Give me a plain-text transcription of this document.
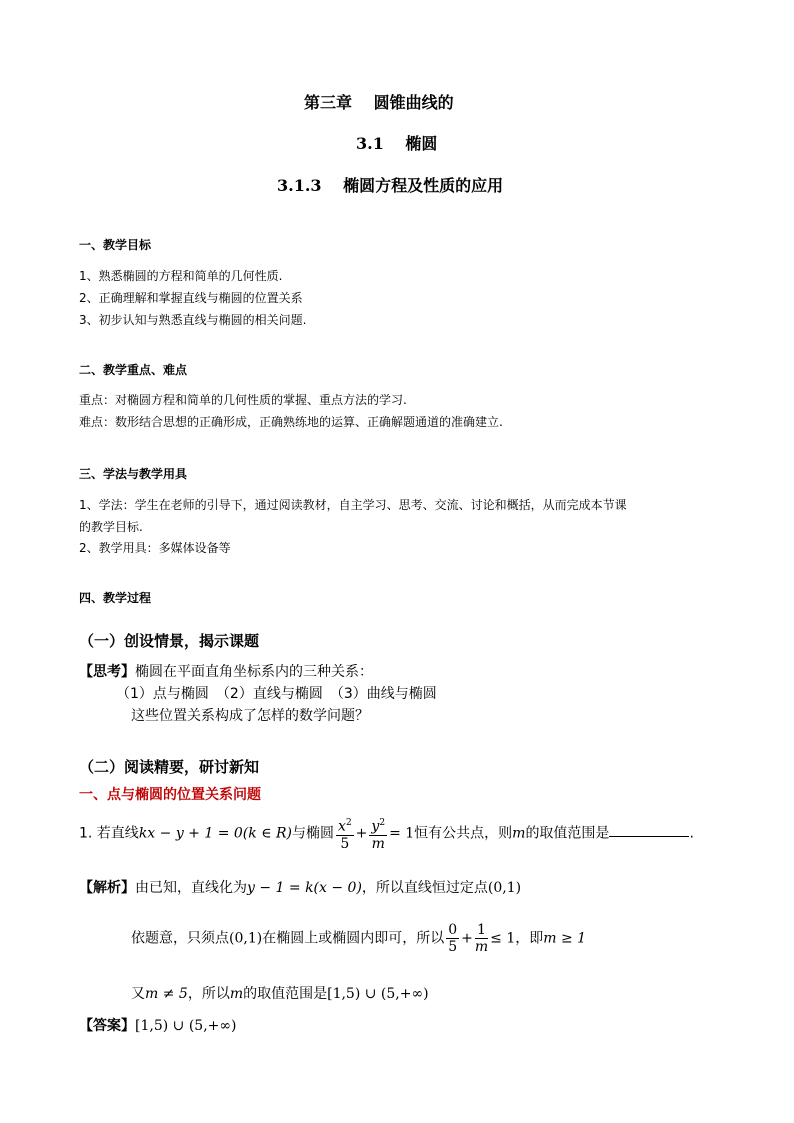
第三章　 圆锥曲线的
3.1　 椭圆
3.1.3　 椭圆方程及性质的应用
一、教学目标
1、熟悉椭圆的方程和简单的几何性质.
2、正确理解和掌握直线与椭圆的位置关系
3、初步认知与熟悉直线与椭圆的相关问题.
二、教学重点、难点
重点：对椭圆方程和简单的几何性质的掌握、重点方法的学习.
难点：数形结合思想的正确形成，正确熟练地的运算、正确解题通道的准确建立.
三、学法与教学用具
1、学法：学生在老师的引导下，通过阅读教材，自主学习、思考、交流、讨论和概括，从而完成本节课
的教学目标.
2、教学用具：多媒体设备等
四、教学过程
（一）创设情景，揭示课题
【思考】椭圆在平面直角坐标系内的三种关系：
（1）点与椭圆　（2）直线与椭圆　（3）曲线与椭圆
这些位置关系构成了怎样的数学问题？
（二）阅读精要，研讨新知
一、点与椭圆的位置关系问题
1. 若直线kx − y + 1 = 0(k ∈ R)与椭圆 $\frac{x^2}{5} + \frac{y^2}{m} = 1$恒有公共点，则m的取值范围是	.
【解析】由已知，直线化为y − 1 = k(x − 0)，所以直线恒过定点(0,1)
依题意，只须点(0,1)在椭圆上或椭圆内即可，所以 $\frac{0}{5} + \frac{1}{m} \le 1$，即m ≥ 1
又m ≠ 5，所以m的取值范围是[1,5) ∪ (5,+∞)
【答案】[1,5) ∪ (5,+∞)
